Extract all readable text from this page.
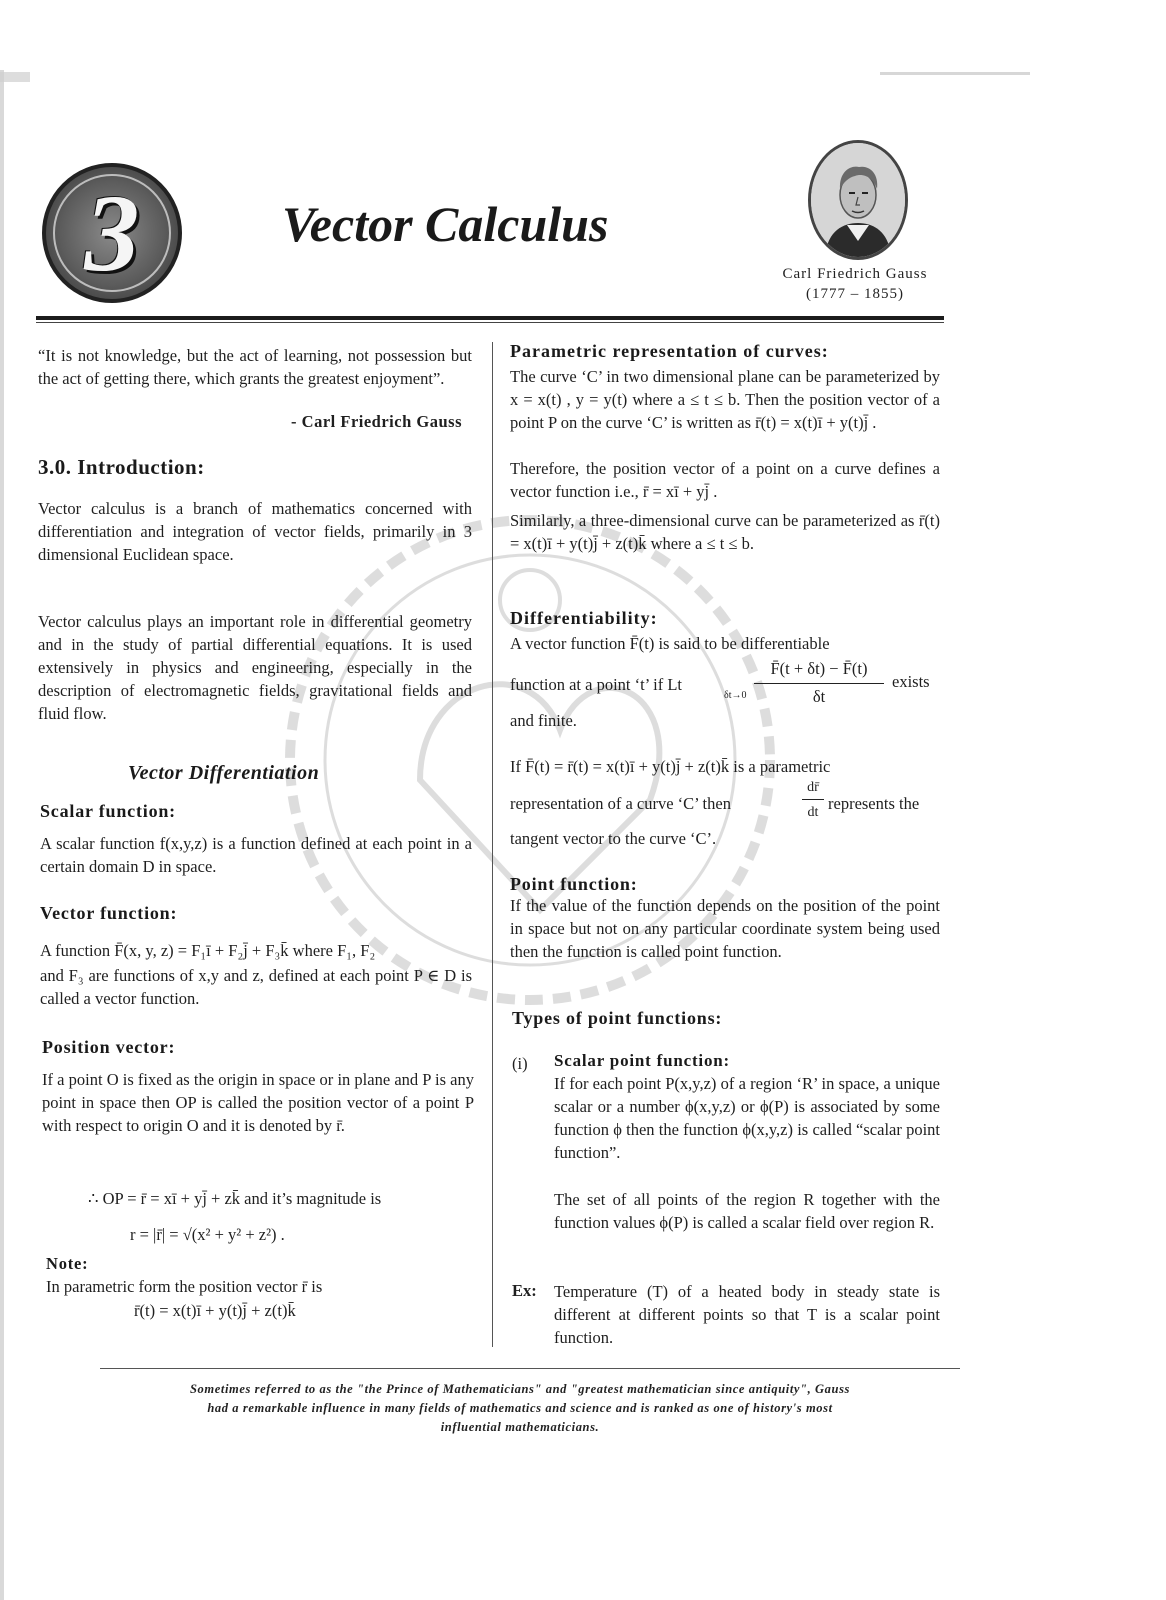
3	Vector Calculus
Carl Friedrich Gauss
(1777 – 1855)

“It is not knowledge, but the act of learning, not possession but the act of getting there, which grants the greatest enjoyment”.

- Carl Friedrich Gauss
3.0. Introduction:

Vector calculus is a branch of mathematics concerned with differentiation and integration of vector fields, primarily in 3 dimensional Euclidean space.

Vector calculus plays an important role in differential geometry and in the study of partial differential equations. It is used extensively in physics and engineering, especially in the description of electromagnetic fields, gravitational fields and fluid flow.

Vector Differentiation
Scalar function:

A scalar function f(x,y,z) is a function defined at each point in a certain domain D in space.

Vector function:
A function F̄(x, y, z) = F₁ī + F₂j̄ + F₃k̄ where F₁, F₂

and F₃ are functions of x,y and z, defined at each point P ∈ D is called a vector function.

Position vector:

If a point O is fixed as the origin in space or in plane and P is any point in space then OP is called the position vector of a point P with respect to origin O and it is denoted by r̄.

∴ OP = r̄ = xī + yj̄ + zk̄ and it’s magnitude is
r = |r̄| = √(x² + y² + z²) .
Note:
In parametric form the position vector r̄ is
r̄(t) = x(t)ī + y(t)j̄ + z(t)k̄
Parametric representation of curves:

The curve ‘C’ in two dimensional plane can be parameterized by x = x(t) , y = y(t) where a ≤ t ≤ b. Then the position vector of a point P on the curve ‘C’ is written as r̄(t) = x(t)ī + y(t)j̄ .

Therefore, the position vector of a point on a curve defines a vector function i.e., r̄ = xī + yj̄ .

Similarly, a three-dimensional curve can be parameterized as r̄(t) = x(t)ī + y(t)j̄ + z(t)k̄ where a ≤ t ≤ b.

Differentiability:
A vector function F̄(t) is said to be differentiable
function at a point ‘t’ if Lt
δt→0
F̄(t + δt) − F̄(t)
δt
exists
and finite.
If F̄(t) = r̄(t) = x(t)ī + y(t)j̄ + z(t)k̄ is a parametric
representation of a curve ‘C’ then
dr̄
dt represents the
tangent vector to the curve ‘C’.
Point function:

If the value of the function depends on the position of the point in space but not on any particular coordinate system being used then the function is called point function.

Types of point functions:
(i) Scalar point function:

If for each point P(x,y,z) of a region ‘R’ in space, a unique scalar or a number ϕ(x,y,z) or ϕ(P) is associated by some function ϕ then the function ϕ(x,y,z) is called “scalar point function”.

The set of all points of the region R together with the function values ϕ(P) is called a scalar field over region R.

Ex: Temperature (T) of a heated body in steady state is different at different points so that T is a scalar point function.

Sometimes referred to as the "the Prince of Mathematicians" and "greatest mathematician since antiquity", Gauss
had a remarkable influence in many fields of mathematics and science and is ranked as one of history's most
influential mathematicians.
